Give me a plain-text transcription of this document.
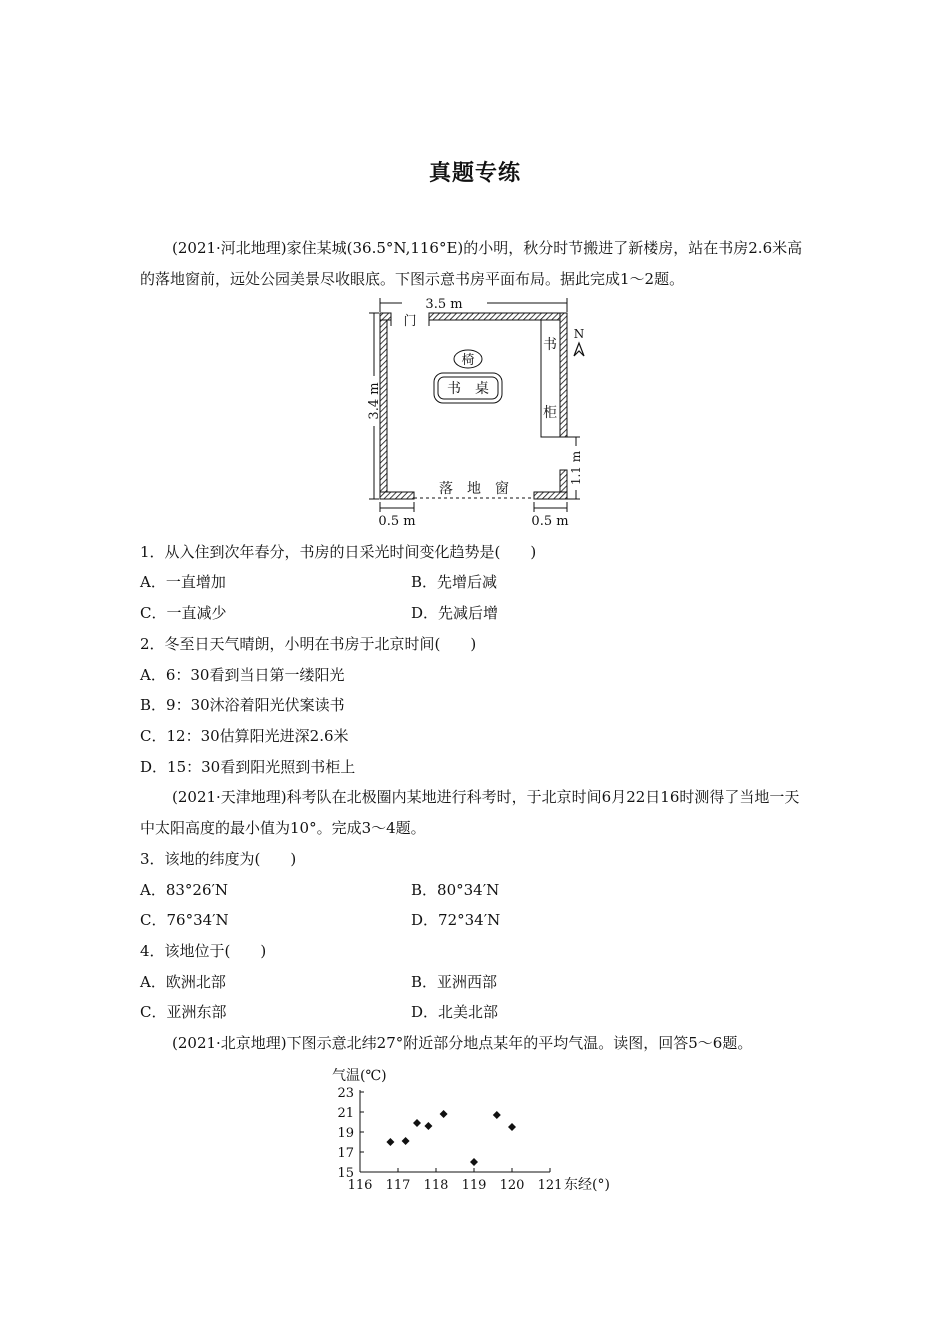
真题专练
(2021·河北地理)家住某城(36.5°N,116°E)的小明，秋分时节搬进了新楼房，站在书房2.6米高的落地窗前，远处公园美景尽收眼底。下图示意书房平面布局。据此完成1～2题。
3.5 m
门
落　地　窗
椅
书　桌
书
柜
N
3.4 m
1.1 m
0.5 m	0.5 m
1．从入住到次年春分，书房的日采光时间变化趋势是(　　)
A．一直增加	B．先增后减
C．一直减少	D．先减后增
2．冬至日天气晴朗，小明在书房于北京时间(　　)
A．6：30看到当日第一缕阳光
B．9：30沐浴着阳光伏案读书
C．12：30估算阳光进深2.6米
D．15：30看到阳光照到书柜上
(2021·天津地理)科考队在北极圈内某地进行科考时，于北京时间6月22日16时测得了当地一天中太阳高度的最小值为10°。完成3～4题。
3．该地的纬度为(　　)
A．83°26′N	B．80°34′N
C．76°34′N	D．72°34′N
4．该地位于(　　)
A．欧洲北部	B．亚洲西部
C．亚洲东部	D．北美北部
(2021·北京地理)下图示意北纬27°附近部分地点某年的平均气温。读图，回答5～6题。
气温(℃)
东经(°)
116 117 118 119 120 121
15
17
19
21
23
